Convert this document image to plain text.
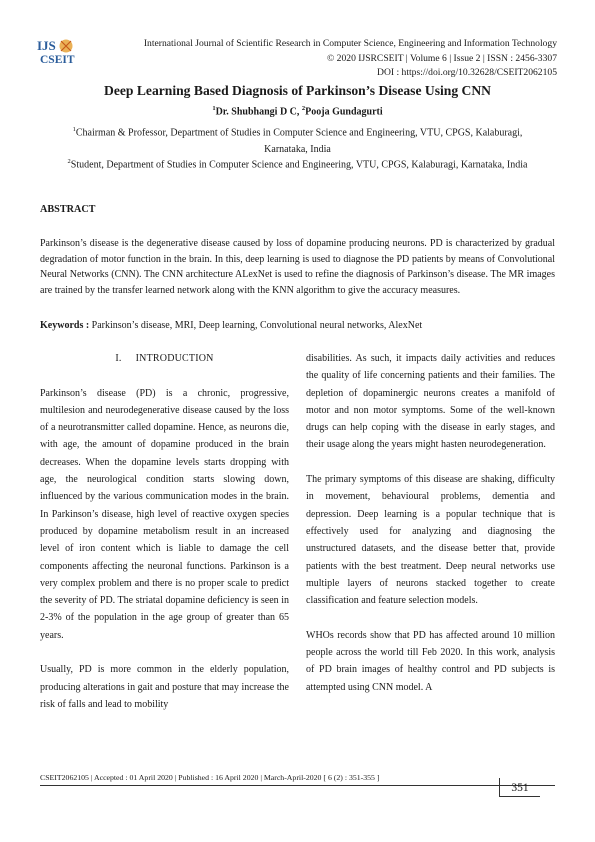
IJS
CSEIT
International Journal of Scientific Research in Computer Science, Engineering and Information Technology
© 2020 IJSRCSEIT | Volume 6 | Issue 2 | ISSN : 2456-3307
DOI : https://doi.org/10.32628/CSEIT2062105
Deep Learning Based Diagnosis of Parkinson’s Disease Using CNN
$^1$Dr. Shubhangi D C, $^2$Pooja Gundagurti
$^1$Chairman & Professor, Department of Studies in Computer Science and Engineering, VTU, CPGS, Kalaburagi, Karnataka, India
$^2$Student, Department of Studies in Computer Science and Engineering, VTU, CPGS, Kalaburagi, Karnataka, India
ABSTRACT
Parkinson’s disease is the degenerative disease caused by loss of dopamine producing neurons. PD is characterized by gradual degradation of motor function in the brain. In this, deep learning is used to diagnose the PD patients by means of Convolutional Neural Networks (CNN). The CNN architecture ALexNet is used to refine the diagnosis of Parkinson’s disease. The MR images are trained by the transfer learned network along with the KNN algorithm to give the accuracy measures.
Keywords : Parkinson’s disease, MRI, Deep learning, Convolutional neural networks, AlexNet
I. INTRODUCTION

Parkinson’s disease (PD) is a chronic, progressive, multilesion and neurodegenerative disease caused by the loss of a neurotransmitter called dopamine. Hence, as neurons die, with age, the amount of dopamine produced in the brain decreases. When the dopamine levels starts dropping with age, the neurological condition starts slowing down, influenced by the various communication modes in the brain. In Parkinson’s disease, high level of reactive oxygen species produced by dopamine metabolism result in an increased level of iron content which is liable to damage the cell components affecting the neuronal functions. Parkinson is a very complex problem and there is no proper scale to predict the severity of PD. The striatal dopamine deficiency is seen in 2-3% of the population in the age group of greater than 65 years.

Usually, PD is more common in the elderly population, producing alterations in gait and posture that may increase the risk of falls and lead to mobility

disabilities. As such, it impacts daily activities and reduces the quality of life concerning patients and their families. The depletion of dopaminergic neurons creates a manifold of motor and non motor symptoms. Some of the well-known drugs can help coping with the disease in early stages, and their usage along the years might hasten neurodegeneration.

The primary symptoms of this disease are shaking, difficulty in movement, behavioural problems, dementia and depression. Deep learning is a popular technique that is effectively used for analyzing and diagnosing the unstructured datasets, and the disease better that, provide patients with the best treatment. Deep neural networks use multiple layers of neurons stacked together to create classification and feature selection models.

WHOs records show that PD has affected around 10 million people across the world till Feb 2020. In this work, analysis of PD brain images of healthy control and PD subjects is attempted using CNN model. A

CSEIT2062105 | Accepted : 01 April 2020 | Published : 16 April 2020 | March-April-2020 [ 6 (2) : 351-355 ]
351
